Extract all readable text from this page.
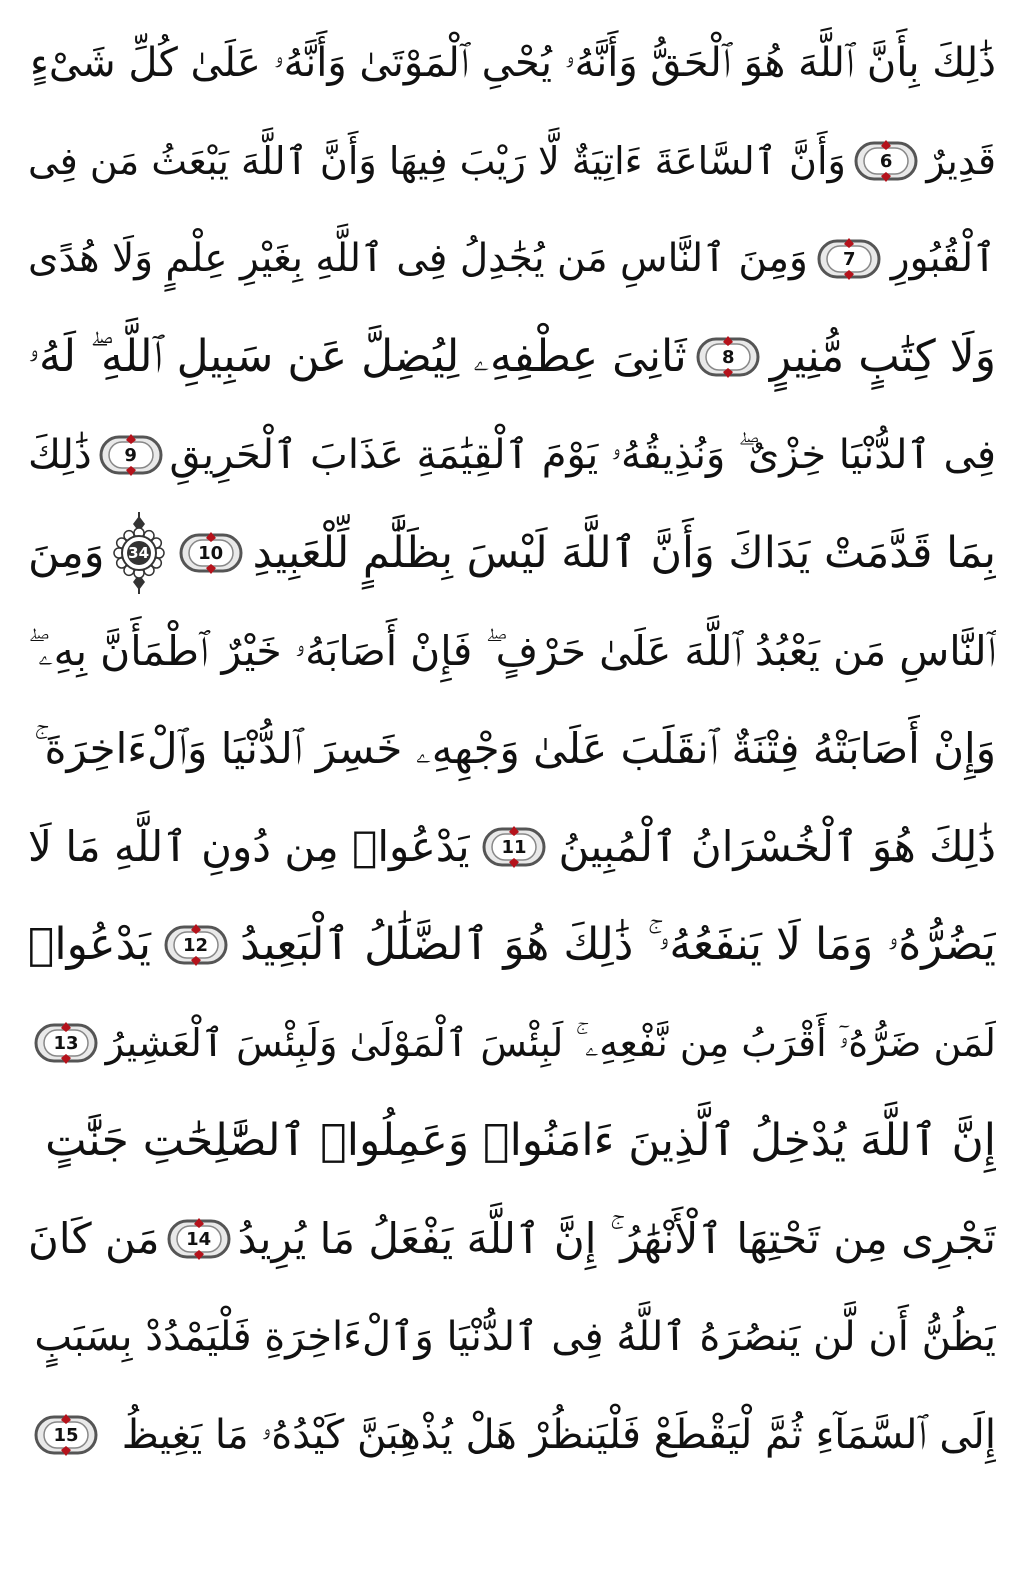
ذَٰلِكَ بِأَنَّ ٱللَّهَ هُوَ ٱلْحَقُّ وَأَنَّهُۥ يُحْىِ ٱلْمَوْتَىٰ وَأَنَّهُۥ عَلَىٰ كُلِّ شَىْءٍ
قَدِيرٌ
6
وَأَنَّ ٱلسَّاعَةَ ءَاتِيَةٌ لَّا رَيْبَ فِيهَا وَأَنَّ ٱللَّهَ يَبْعَثُ مَن فِى
ٱلْقُبُورِ
7
وَمِنَ ٱلنَّاسِ مَن يُجَٰدِلُ فِى ٱللَّهِ بِغَيْرِ عِلْمٍ وَلَا هُدًى
وَلَا كِتَٰبٍ مُّنِيرٍ
8
ثَانِىَ عِطْفِهِۦ لِيُضِلَّ عَن سَبِيلِ ٱللَّهِ ۖ لَهُۥ
فِى ٱلدُّنْيَا خِزْىٌ ۖ وَنُذِيقُهُۥ يَوْمَ ٱلْقِيَٰمَةِ عَذَابَ ٱلْحَرِيقِ
9
ذَٰلِكَ
بِمَا قَدَّمَتْ يَدَاكَ وَأَنَّ ٱللَّهَ لَيْسَ بِظَلَّٰمٍ لِّلْعَبِيدِ
10
34
وَمِنَ
ٱلنَّاسِ مَن يَعْبُدُ ٱللَّهَ عَلَىٰ حَرْفٍ ۖ فَإِنْ أَصَابَهُۥ خَيْرٌ ٱطْمَأَنَّ بِهِۦ ۖ
وَإِنْ أَصَابَتْهُ فِتْنَةٌ ٱنقَلَبَ عَلَىٰ وَجْهِهِۦ خَسِرَ ٱلدُّنْيَا وَٱلْءَاخِرَةَ ۚ
ذَٰلِكَ هُوَ ٱلْخُسْرَانُ ٱلْمُبِينُ
11
يَدْعُوا۟ مِن دُونِ ٱللَّهِ مَا لَا
يَضُرُّهُۥ وَمَا لَا يَنفَعُهُۥ ۚ ذَٰلِكَ هُوَ ٱلضَّلَٰلُ ٱلْبَعِيدُ
12
يَدْعُوا۟
لَمَن ضَرُّهُۥٓ أَقْرَبُ مِن نَّفْعِهِۦ ۚ لَبِئْسَ ٱلْمَوْلَىٰ وَلَبِئْسَ ٱلْعَشِيرُ
13
إِنَّ ٱللَّهَ يُدْخِلُ ٱلَّذِينَ ءَامَنُوا۟ وَعَمِلُوا۟ ٱلصَّٰلِحَٰتِ جَنَّٰتٍ
تَجْرِى مِن تَحْتِهَا ٱلْأَنْهَٰرُ ۚ إِنَّ ٱللَّهَ يَفْعَلُ مَا يُرِيدُ
14
مَن كَانَ
يَظُنُّ أَن لَّن يَنصُرَهُ ٱللَّهُ فِى ٱلدُّنْيَا وَٱلْءَاخِرَةِ فَلْيَمْدُدْ بِسَبَبٍ
إِلَى ٱلسَّمَآءِ ثُمَّ لْيَقْطَعْ فَلْيَنظُرْ هَلْ يُذْهِبَنَّ كَيْدُهُۥ مَا يَغِيظُ
15
